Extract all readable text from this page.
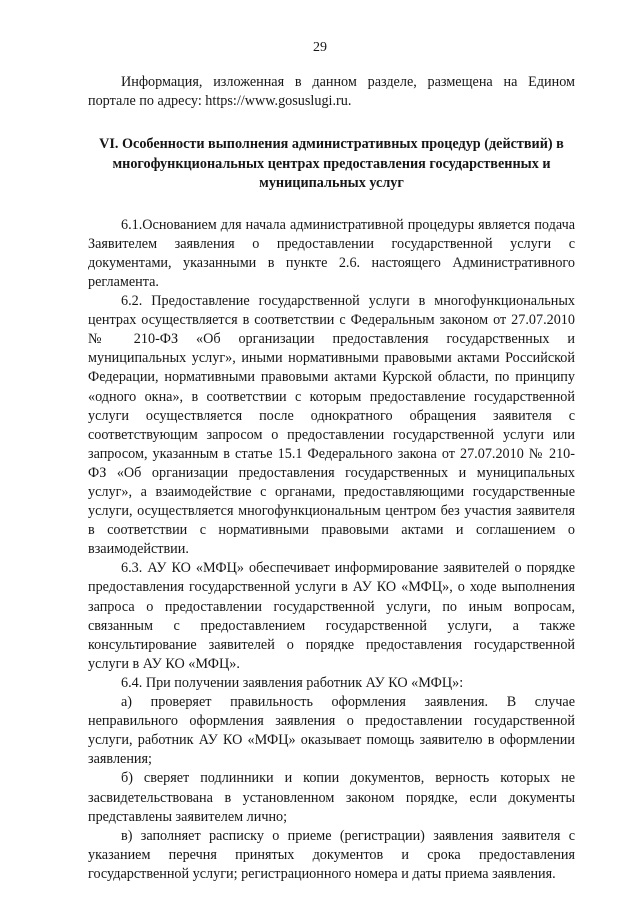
29

Информация, изложенная в данном разделе, размещена на Едином портале по адресу: https://www.gosuslugi.ru.

VI. Особенности выполнения административных процедур (действий) в многофункциональных центрах предоставления государственных и муниципальных услуг

6.1.Основанием для начала административной процедуры является подача Заявителем заявления о предоставлении государственной услуги с документами, указанными в пункте 2.6. настоящего Административного регламента.

6.2. Предоставление государственной услуги в многофункциональных центрах осуществляется в соответствии с Федеральным законом от 27.07.2010 № 210-ФЗ «Об организации предоставления государственных и муниципальных услуг», иными нормативными правовыми актами Российской Федерации, нормативными правовыми актами Курской области, по принципу «одного окна», в соответствии с которым предоставление государственной услуги осуществляется после однократного обращения заявителя с соответствующим запросом о предоставлении государственной услуги или запросом, указанным в статье 15.1 Федерального закона от 27.07.2010 № 210-ФЗ «Об организации предоставления государственных и муниципальных услуг», а взаимодействие с органами, предоставляющими государственные услуги, осуществляется многофункциональным центром без участия заявителя в соответствии с нормативными правовыми актами и соглашением о взаимодействии.

6.3. АУ КО «МФЦ» обеспечивает информирование заявителей о порядке предоставления государственной услуги в АУ КО «МФЦ», о ходе выполнения запроса о предоставлении государственной услуги, по иным вопросам, связанным с предоставлением государственной услуги, а также консультирование заявителей о порядке предоставления государственной услуги в АУ КО «МФЦ».

6.4. При получении заявления работник АУ КО «МФЦ»:

а) проверяет правильность оформления заявления. В случае неправильного оформления заявления о предоставлении государственной услуги, работник АУ КО «МФЦ» оказывает помощь заявителю в оформлении заявления;

б) сверяет подлинники и копии документов, верность которых не засвидетельствована в установленном законом порядке, если документы представлены заявителем лично;

в) заполняет расписку о приеме (регистрации) заявления заявителя с указанием перечня принятых документов и срока предоставления государственной услуги; регистрационного номера и даты приема заявления.
